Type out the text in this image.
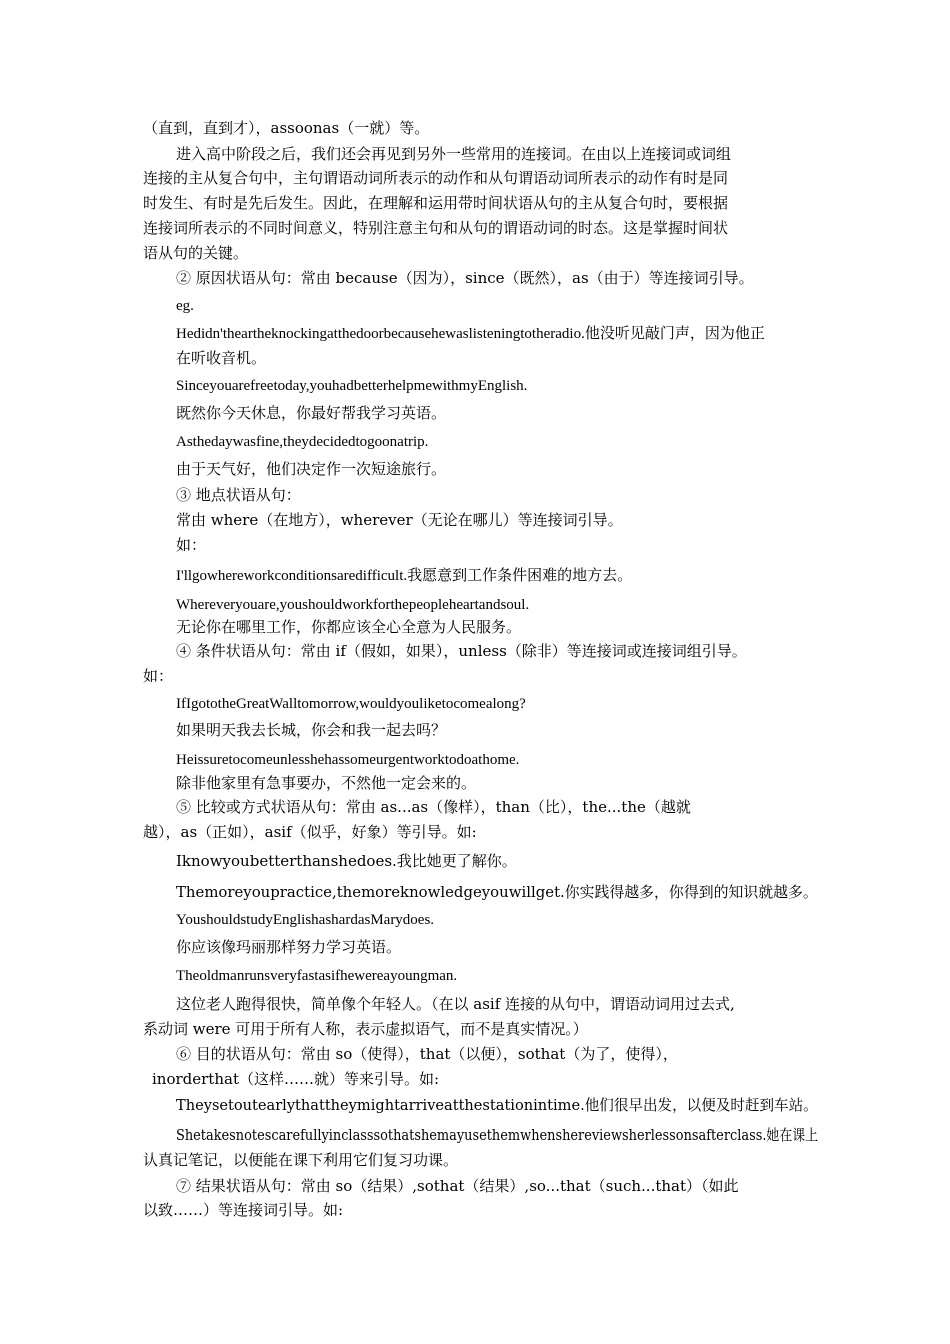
（直到，直到才），assoonas（一就）等。
进入高中阶段之后，我们还会再见到另外一些常用的连接词。在由以上连接词或词组
连接的主从复合句中，主句谓语动词所表示的动作和从句谓语动词所表示的动作有时是同
时发生、有时是先后发生。因此，在理解和运用带时间状语从句的主从复合句时，要根据
连接词所表示的不同时间意义，特别注意主句和从句的谓语动词的时态。这是掌握时间状
语从句的关键。
② 原因状语从句：常由 because（因为），since（既然），as（由于）等连接词引导。
eg.
Hedidn'theartheknockingatthedoorbecausehewaslisteningtotheradio.他没听见敲门声，因为他正
在听收音机。
Sinceyouarefreetoday,youhadbetterhelpmewithmyEnglish.
既然你今天休息，你最好帮我学习英语。
Asthedaywasfine,theydecidedtogoonatrip.
由于天气好，他们决定作一次短途旅行。
③ 地点状语从句：
常由 where（在地方），wherever（无论在哪儿）等连接词引导。
如：
I'llgowhereworkconditionsaredifficult.我愿意到工作条件困难的地方去。
Whereveryouare,youshouldworkforthepeopleheartandsoul.
无论你在哪里工作，你都应该全心全意为人民服务。
④ 条件状语从句：常由 if（假如，如果），unless（除非）等连接词或连接词组引导。
如：
IfIgototheGreatWalltomorrow,wouldyouliketocomealong?
如果明天我去长城，你会和我一起去吗？
Heissuretocomeunlesshehassomeurgentworktodoathome.
除非他家里有急事要办，不然他一定会来的。
⑤ 比较或方式状语从句：常由 as...as（像样），than（比），the...the（越就
越），as（正如），asif（似乎，好象）等引导。如:
Iknowyoubetterthanshedoes.我比她更了解你。
Themoreyoupractice,themoreknowledgeyouwillget.你实践得越多，你得到的知识就越多。
YoushouldstudyEnglishashardasMarydoes.
你应该像玛丽那样努力学习英语。
Theoldmanrunsveryfastasifhewereayoungman.
这位老人跑得很快，简单像个年轻人。（在以 asif 连接的从句中，谓语动词用过去式,
系动词 were 可用于所有人称，表示虚拟语气，而不是真实情况。）
⑥ 目的状语从句：常由 so（使得），that（以便），sothat（为了，使得），
inorderthat（这样……就）等来引导。如:
Theysetoutearlythattheymightarriveatthestationintime.他们很早出发，以便及时赶到车站。
Shetakesnotescarefullyinclasssothatshemayusethemwhenshereviewsherlessonsafterclass.她在课上
认真记笔记，以便能在课下利用它们复习功课。
⑦ 结果状语从句：常由 so（结果）,sothat（结果）,so...that（such...that）（如此
以致……）等连接词引导。如:
